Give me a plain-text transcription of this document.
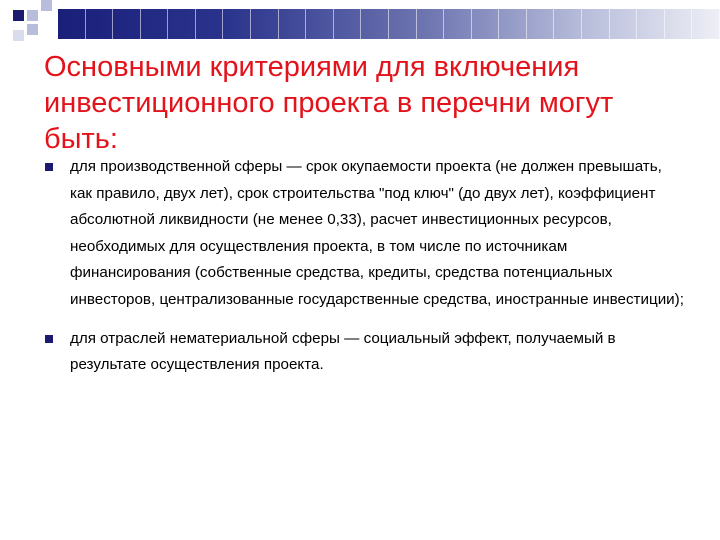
Основными критериями для включения инвестиционного проекта в перечни могут быть:
для производственной сферы — срок окупаемости проекта (не должен превышать, как правило, двух лет), срок строительства "под ключ" (до двух лет), коэффициент абсолютной ликвидности (не менее 0,33), расчет инвестиционных ресурсов, необходимых для осуществления проекта, в том числе по источникам финансирования (собственные средства, кредиты, средства потенциальных инвесторов, централизованные государственные средства, иностранные инвестиции);
для отраслей нематериальной сферы — социальный эффект, получаемый в результате осуществления проекта.
